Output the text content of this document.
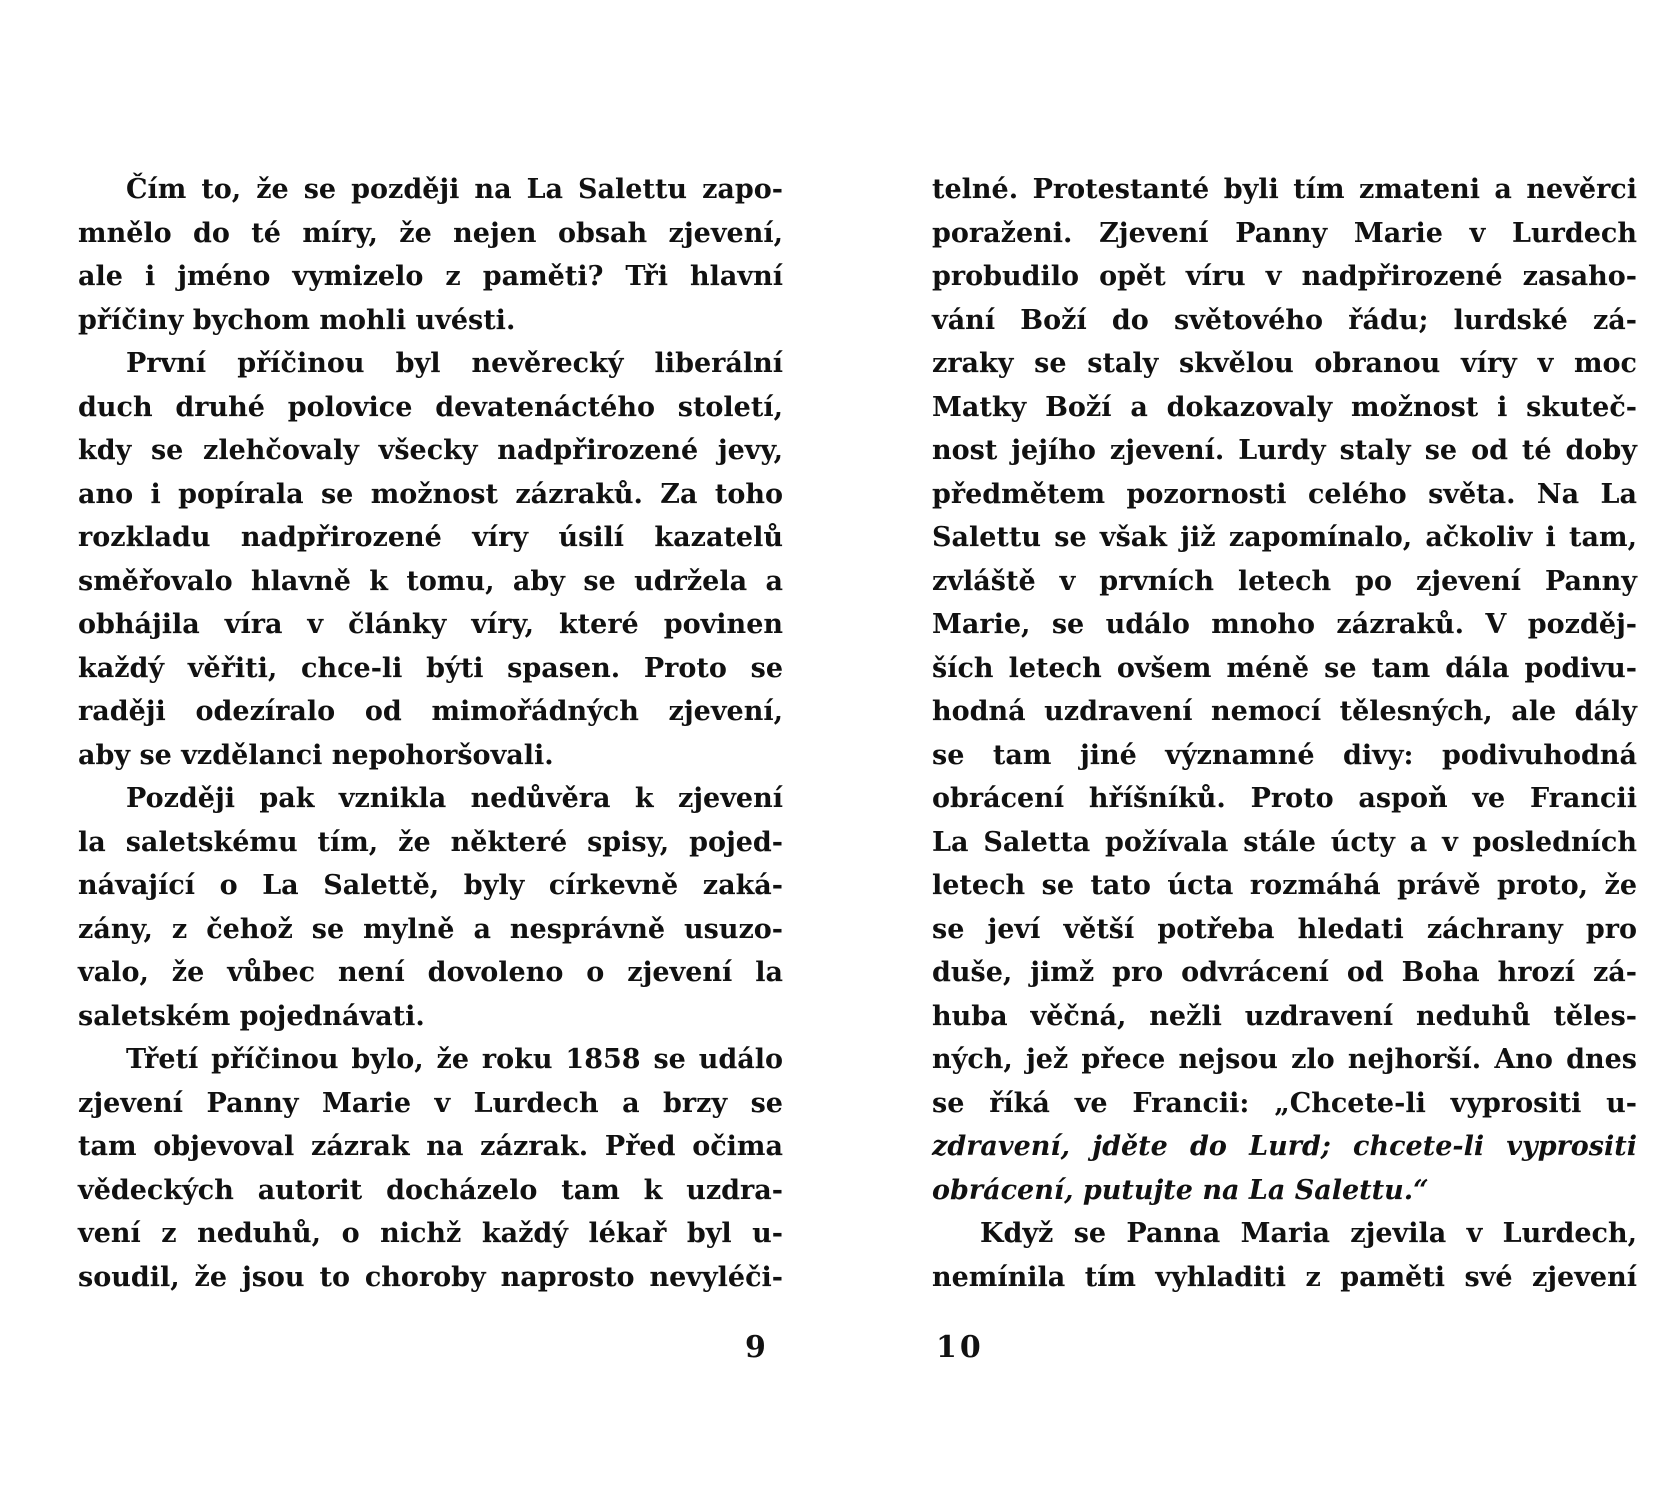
Čím to, že se později na La Salettu zapo-
mnělo do té míry, že nejen obsah zjevení,
ale i jméno vymizelo z paměti? Tři hlavní
příčiny bychom mohli uvésti.
První příčinou byl nevěrecký liberální
duch druhé polovice devatenáctého století,
kdy se zlehčovaly všecky nadpřirozené jevy,
ano i popírala se možnost zázraků. Za toho
rozkladu nadpřirozené víry úsilí kazatelů
směřovalo hlavně k tomu, aby se udržela a
obhájila víra v články víry, které povinen
každý věřiti, chce-li býti spasen. Proto se
raději odezíralo od mimořádných zjevení,
aby se vzdělanci nepohoršovali.
Později pak vznikla nedůvěra k zjevení
la saletskému tím, že některé spisy, pojed-
návající o La Salettě, byly církevně zaká-
zány, z čehož se mylně a nesprávně usuzo-
valo, že vůbec není dovoleno o zjevení la
saletském pojednávati.
Třetí příčinou bylo, že roku 1858 se událo
zjevení Panny Marie v Lurdech a brzy se
tam objevoval zázrak na zázrak. Před očima
vědeckých autorit docházelo tam k uzdra-
vení z neduhů, o nichž každý lékař byl u-
soudil, že jsou to choroby naprosto nevyléči-
9
telné. Protestanté byli tím zmateni a nevěrci
poraženi. Zjevení Panny Marie v Lurdech
probudilo opět víru v nadpřirozené zasaho-
vání Boží do světového řádu; lurdské zá-
zraky se staly skvělou obranou víry v moc
Matky Boží a dokazovaly možnost i skuteč-
nost jejího zjevení. Lurdy staly se od té doby
předmětem pozornosti celého světa. Na La
Salettu se však již zapomínalo, ačkoliv i tam,
zvláště v prvních letech po zjevení Panny
Marie, se událo mnoho zázraků. V pozděj-
ších letech ovšem méně se tam dála podivu-
hodná uzdravení nemocí tělesných, ale dály
se tam jiné významné divy: podivuhodná
obrácení hříšníků. Proto aspoň ve Francii
La Saletta požívala stále úcty a v posledních
letech se tato úcta rozmáhá právě proto, že
se jeví větší potřeba hledati záchrany pro
duše, jimž pro odvrácení od Boha hrozí zá-
huba věčná, nežli uzdravení neduhů těles-
ných, jež přece nejsou zlo nejhorší. Ano dnes
se říká ve Francii: „Chcete-li vyprositi u-
zdravení, jděte do Lurd; chcete-li vyprositi
obrácení, putujte na La Salettu.“
Když se Panna Maria zjevila v Lurdech,
nemínila tím vyhladiti z paměti své zjevení
10
